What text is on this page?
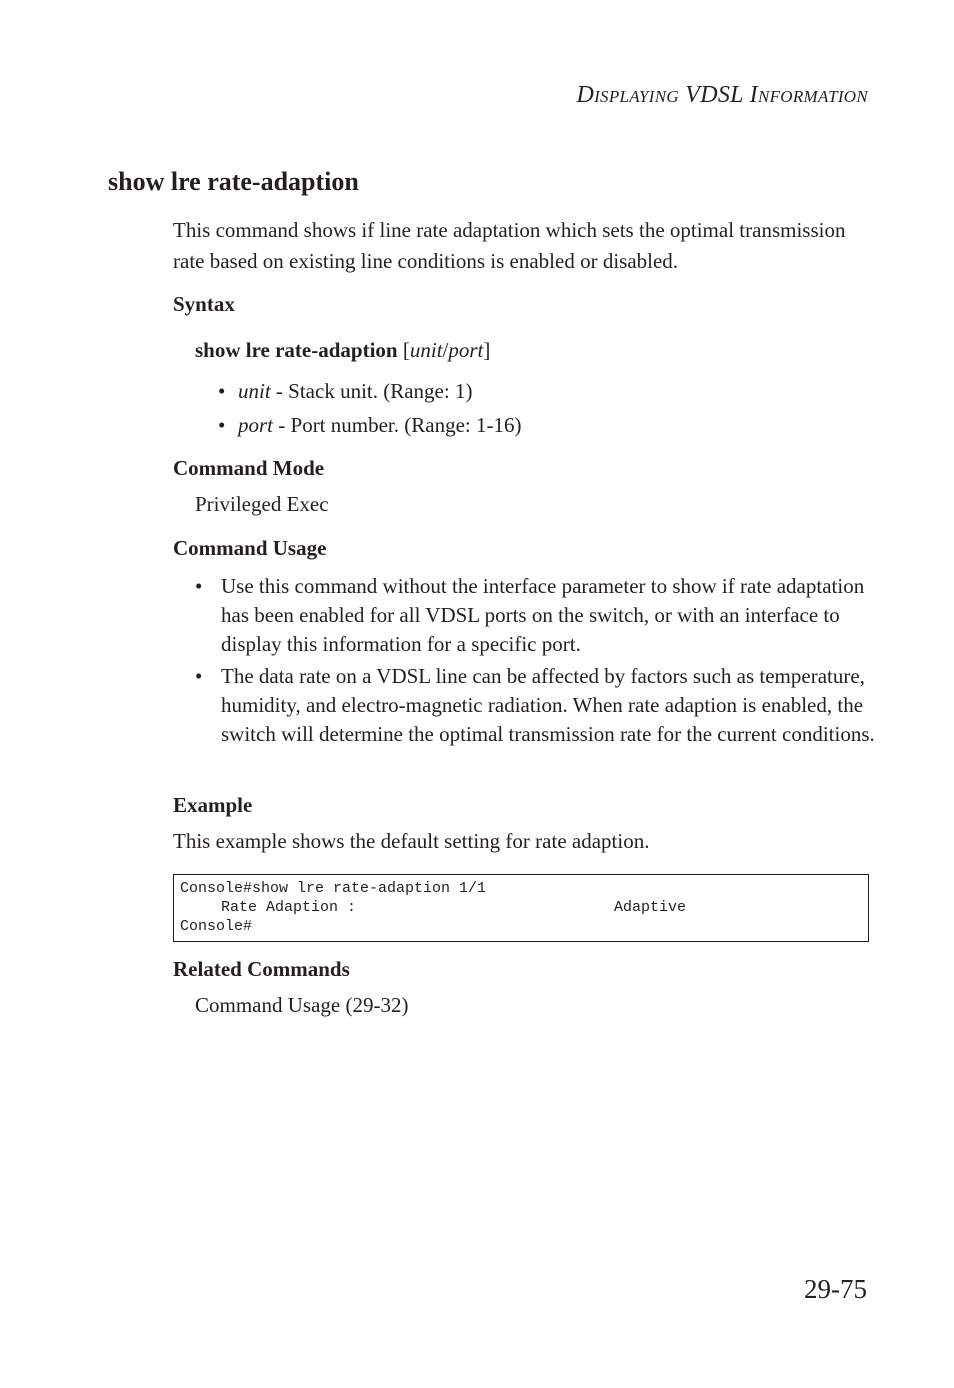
DISPLAYING VDSL INFORMATION
show lre rate-adaption
This command shows if line rate adaptation which sets the optimal transmission rate based on existing line conditions is enabled or disabled.
Syntax
show lre rate-adaption [unit/port]
• unit - Stack unit. (Range: 1)
• port - Port number. (Range: 1-16)
Command Mode
Privileged Exec
Command Usage
• Use this command without the interface parameter to show if rate adaptation has been enabled for all VDSL ports on the switch, or with an interface to display this information for a specific port.
• The data rate on a VDSL line can be affected by factors such as temperature, humidity, and electro-magnetic radiation. When rate adaption is enabled, the switch will determine the optimal transmission rate for the current conditions.
Example
This example shows the default setting for rate adaption.
Console#show lre rate-adaption 1/1
Rate Adaption :	Adaptive
Console#
Related Commands
Command Usage (29-32)
29-75
